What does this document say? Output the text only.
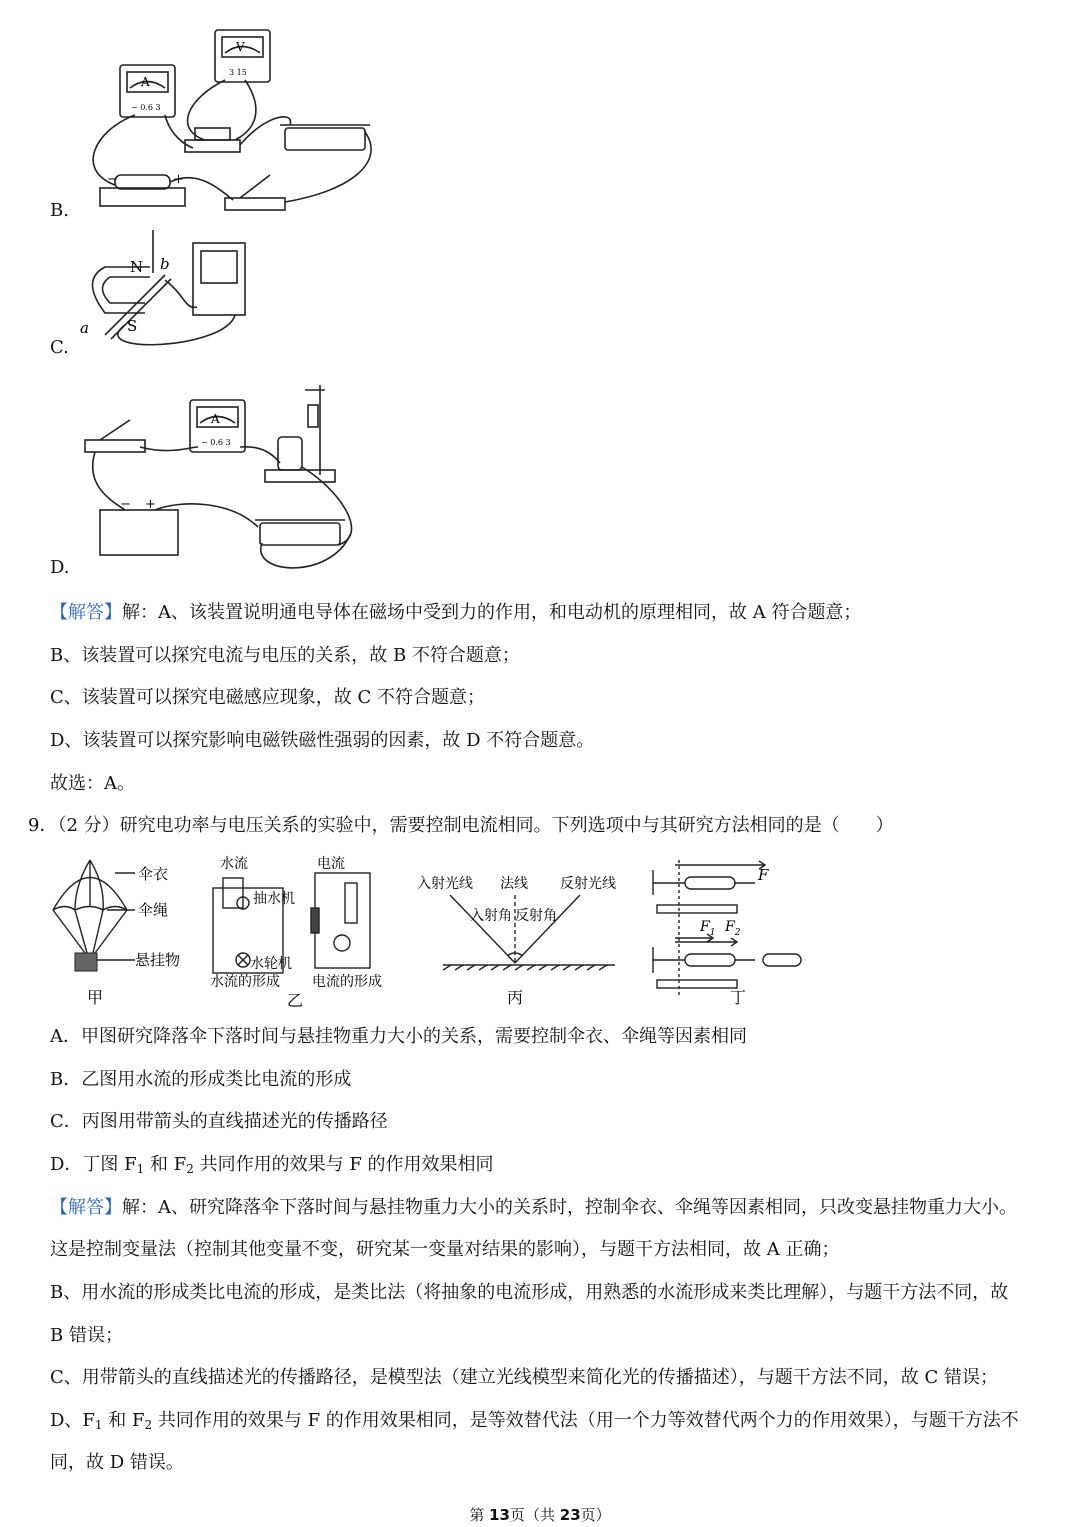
A
− 0.6 3
V
3 15
−	+
B.
N b
a	S
C.
A
− 0.6 3
− +
D.
【解答】解：A、该装置说明通电导体在磁场中受到力的作用，和电动机的原理相同，故 A 符合题意；
B、该装置可以探究电流与电压的关系，故 B 不符合题意；
C、该装置可以探究电磁感应现象，故 C 不符合题意；
D、该装置可以探究影响电磁铁磁性强弱的因素，故 D 不符合题意。
故选：A。
9．（2 分）研究电功率与电压关系的实验中，需要控制电流相同。下列选项中与其研究方法相同的是（　　）
伞衣
伞绳
悬挂物
甲
水流
抽水机
水轮机
水流的形成
电流
电流的形成
乙
入射光线 法线 反射光线
入射角 反射角
丙
F
$F_1$ $F_2$
丁
A．甲图研究降落伞下落时间与悬挂物重力大小的关系，需要控制伞衣、伞绳等因素相同
B．乙图用水流的形成类比电流的形成
C．丙图用带箭头的直线描述光的传播路径
D．丁图 $F_1$ 和 $F_2$ 共同作用的效果与 F 的作用效果相同
【解答】解：A、研究降落伞下落时间与悬挂物重力大小的关系时，控制伞衣、伞绳等因素相同，只改变悬挂物重力大小。
这是控制变量法（控制其他变量不变，研究某一变量对结果的影响），与题干方法相同，故 A 正确；
B、用水流的形成类比电流的形成，是类比法（将抽象的电流形成，用熟悉的水流形成来类比理解），与题干方法不同，故
B 错误；
C、用带箭头的直线描述光的传播路径，是模型法（建立光线模型来简化光的传播描述），与题干方法不同，故 C 错误；
D、$F_1$ 和 $F_2$ 共同作用的效果与 F 的作用效果相同，是等效替代法（用一个力等效替代两个力的作用效果），与题干方法不
同，故 D 错误。
第 13页（共 23页）
